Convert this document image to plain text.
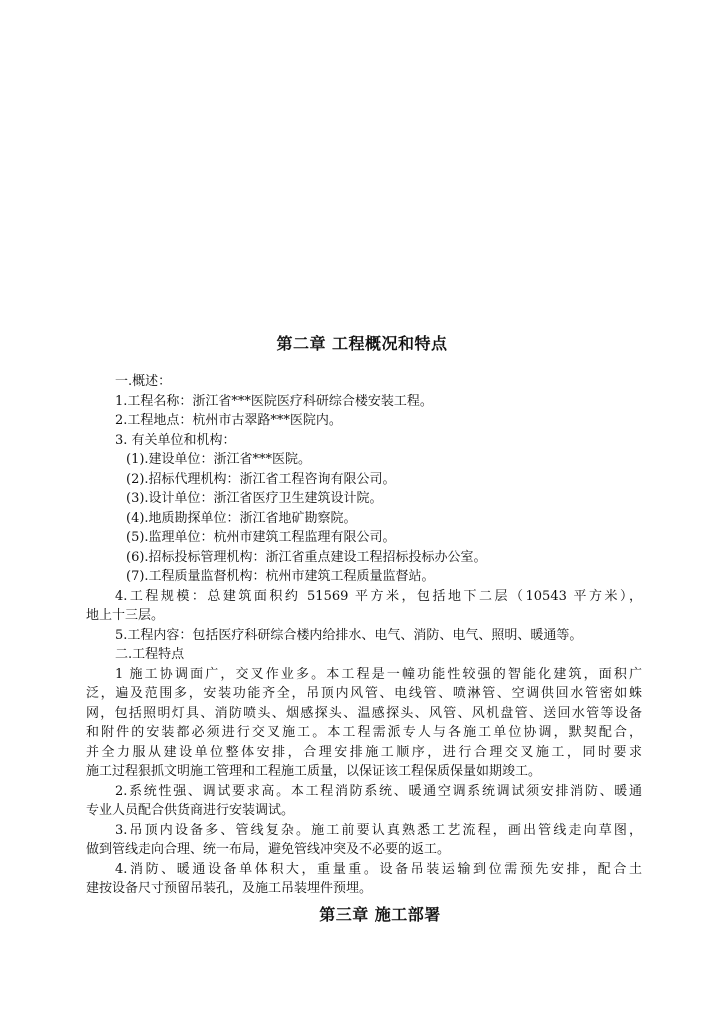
第二章 工程概况和特点
一.概述：
1.工程名称：浙江省***医院医疗科研综合楼安装工程。
2.工程地点：杭州市古翠路***医院内。
3. 有关单位和机构：
(1).建设单位：浙江省***医院。
(2).招标代理机构：浙江省工程咨询有限公司。
(3).设计单位：浙江省医疗卫生建筑设计院。
(4).地质勘探单位：浙江省地矿勘察院。
(5).监理单位：杭州市建筑工程监理有限公司。
(6).招标投标管理机构：浙江省重点建设工程招标投标办公室。
(7).工程质量监督机构：杭州市建筑工程质量监督站。
4.工程规模：总建筑面积约 51569 平方米，包括地下二层（10543 平方米），
地上十三层。
5.工程内容：包括医疗科研综合楼内给排水、电气、消防、电气、照明、暖通等。
二.工程特点
1 施工协调面广，交叉作业多。本工程是一幢功能性较强的智能化建筑，面积广
泛，遍及范围多，安装功能齐全，吊顶内风管、电线管、喷淋管、空调供回水管密如蛛
网，包括照明灯具、消防喷头、烟感探头、温感探头、风管、风机盘管、送回水管等设备
和附件的安装都必须进行交叉施工。本工程需派专人与各施工单位协调，默契配合，
并全力服从建设单位整体安排，合理安排施工顺序，进行合理交叉施工，同时要求
施工过程狠抓文明施工管理和工程施工质量，以保证该工程保质保量如期竣工。
2.系统性强、调试要求高。本工程消防系统、暖通空调系统调试须安排消防、暖通
专业人员配合供货商进行安装调试。
3.吊顶内设备多、管线复杂。施工前要认真熟悉工艺流程，画出管线走向草图，
做到管线走向合理、统一布局，避免管线冲突及不必要的返工。
4.消防、暖通设备单体积大，重量重。设备吊装运输到位需预先安排，配合土
建按设备尺寸预留吊装孔，及施工吊装埋件预埋。
第三章 施工部署
